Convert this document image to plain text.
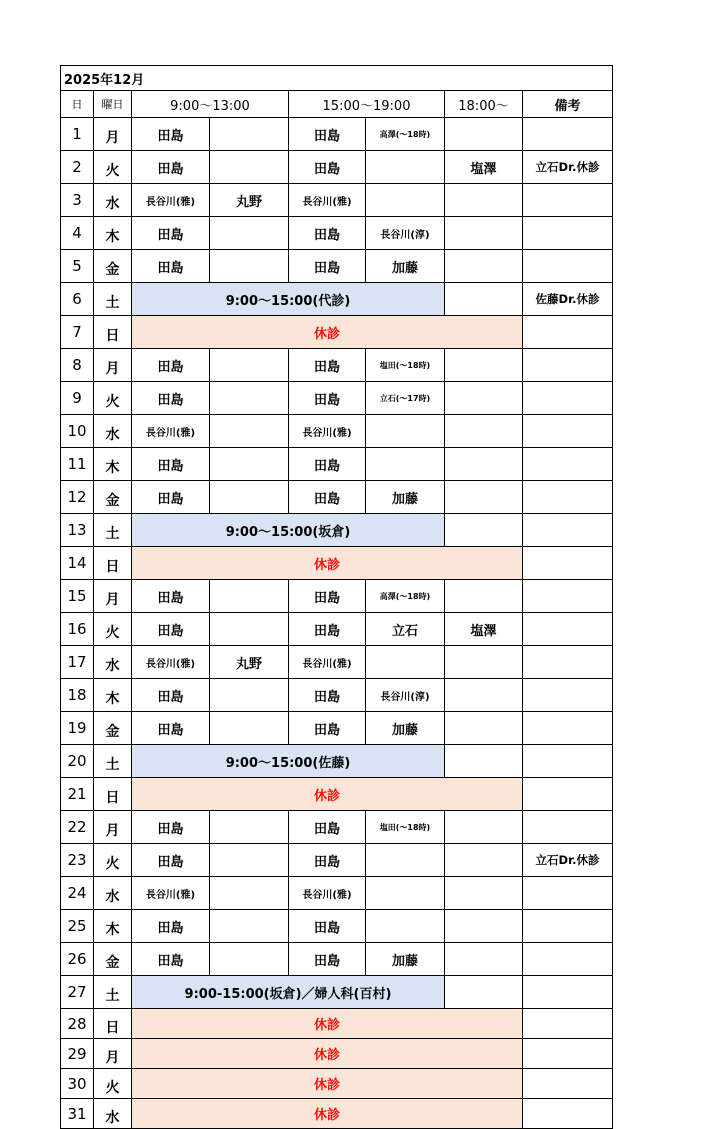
2025年12月							
日	曜日	9:00～13:00		15:00～19:00		18:00～	備考
1	月	田島		田島	高澤(～18時)		
2	火	田島		田島		塩澤	立石Dr.休診
3	水	長谷川(雅)	丸野	長谷川(雅)			
4	木	田島		田島	長谷川(淳)		
5	金	田島		田島	加藤		
6	土	9:00～15:00(代診)					佐藤Dr.休診
7	日	休診					
8	月	田島		田島	塩田(～18時)		
9	火	田島		田島	立石(～17時)		
10	水	長谷川(雅)		長谷川(雅)			
11	木	田島		田島			
12	金	田島		田島	加藤		
13	土	9:00～15:00(坂倉)					
14	日	休診					
15	月	田島		田島	高澤(～18時)		
16	火	田島		田島	立石	塩澤	
17	水	長谷川(雅)	丸野	長谷川(雅)			
18	木	田島		田島	長谷川(淳)		
19	金	田島		田島	加藤		
20	土	9:00～15:00(佐藤)					
21	日	休診					
22	月	田島		田島	塩田(～18時)		
23	火	田島		田島			立石Dr.休診
24	水	長谷川(雅)		長谷川(雅)			
25	木	田島		田島			
26	金	田島		田島	加藤		
27	土	9:00-15:00(坂倉)／婦人科(百村)					
28	日	休診					
29	月	休診					
30	火	休診					
31	水	休診					
